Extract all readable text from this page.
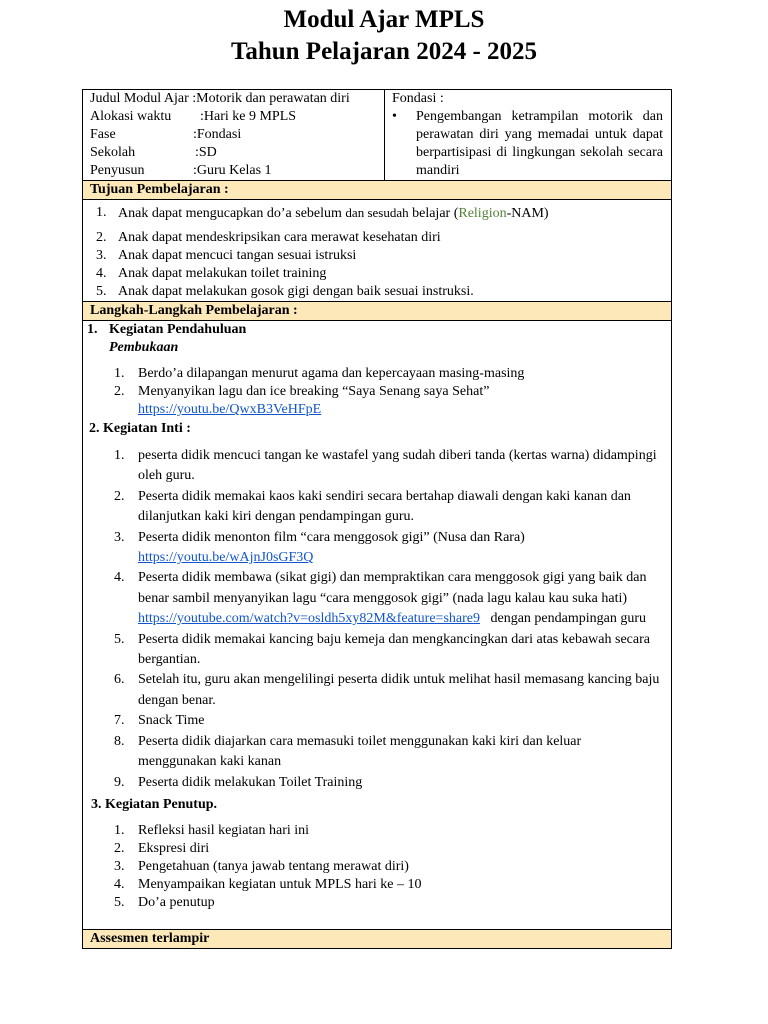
Modul Ajar MPLS
Tahun Pelajaran 2024 - 2025
Judul Modul Ajar
: Motorik dan perawatan diri
Alokasi waktu	: Hari ke 9 MPLS
Fase	: Fondasi
Sekolah	: SD
Penyusun	: Guru Kelas 1

Fondasi :
•	Pengembangan ketrampilan motorik dan perawatan diri yang memadai untuk dapat berpartisipasi di lingkungan sekolah secara mandiri

Tujuan Pembelajaran :

1. Anak dapat mengucapkan do’a sebelum dan sesudah belajar (Religion-NAM)
2. Anak dapat mendeskripsikan cara merawat kesehatan diri
3. Anak dapat mencuci tangan sesuai istruksi
4. Anak dapat melakukan toilet training
5. Anak dapat melakukan gosok gigi dengan baik sesuai instruksi.

Langkah-Langkah Pembelajaran :

1. Kegiatan Pendahuluan
Pembukaan
1. Berdo’a dilapangan menurut agama dan kepercayaan masing-masing
2. Menyanyikan lagu dan ice breaking “Saya Senang saya Sehat”
https://youtu.be/QwxB3VeHFpE
2. Kegiatan Inti :
1. peserta didik mencuci tangan ke wastafel yang sudah diberi tanda (kertas warna) didampingi oleh guru.
2. Peserta didik memakai kaos kaki sendiri secara bertahap diawali dengan kaki kanan dan dilanjutkan kaki kiri dengan pendampingan guru.
3. Peserta didik menonton film “cara menggosok gigi” (Nusa dan Rara)
https://youtu.be/wAjnJ0sGF3Q
4. Peserta didik membawa (sikat gigi) dan mempraktikan cara menggosok gigi yang baik dan benar sambil menyanyikan lagu “cara menggosok gigi” (nada lagu kalau kau suka hati) https://youtube.com/watch?v=osldh5xy82M&feature=share9 dengan pendampingan guru
5. Peserta didik memakai kancing baju kemeja dan mengkancingkan dari atas kebawah secara bergantian.
6. Setelah itu, guru akan mengelilingi peserta didik untuk melihat hasil memasang kancing baju dengan benar.
7. Snack Time
8. Peserta didik diajarkan cara memasuki toilet menggunakan kaki kiri dan keluar menggunakan kaki kanan
9. Peserta didik melakukan Toilet Training
3. Kegiatan Penutup.
1. Refleksi hasil kegiatan hari ini
2. Ekspresi diri
3. Pengetahuan (tanya jawab tentang merawat diri)
4. Menyampaikan kegiatan untuk MPLS hari ke – 10
5. Do’a penutup

Assesmen terlampir
